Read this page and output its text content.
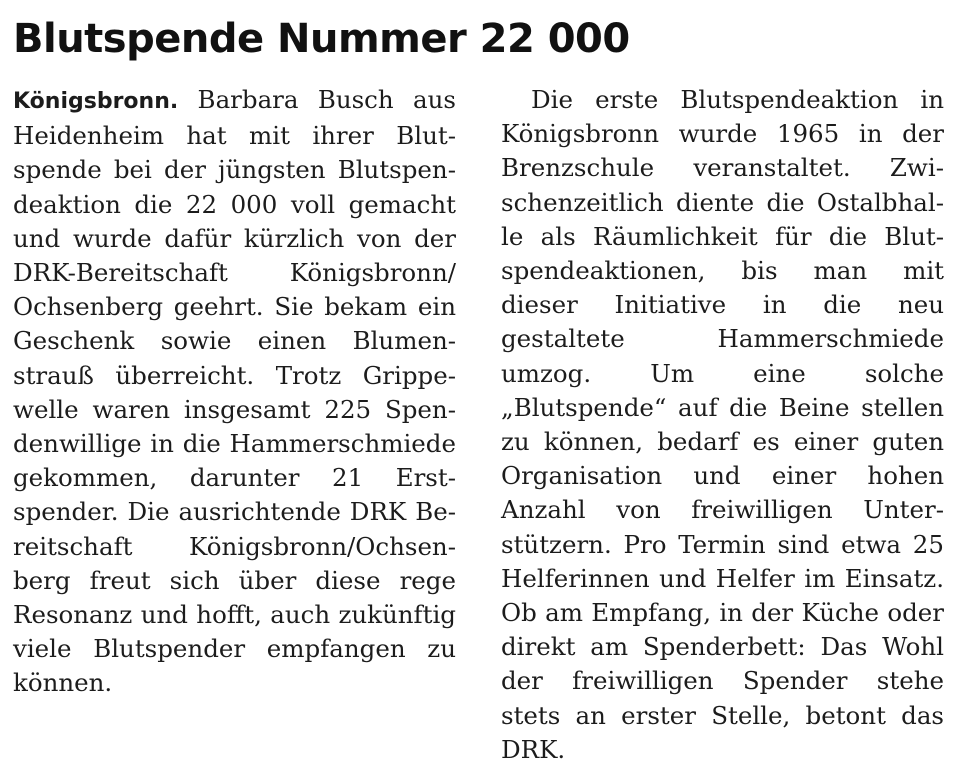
Blutspende Nummer 22 000

Königsbronn. Barbara Busch aus Heidenheim hat mit ihrer Blutspende bei der jüngsten Blutspendeaktion die 22 000 voll gemacht und wurde dafür kürzlich von der DRK-Bereitschaft Königsbronn/ Ochsenberg geehrt. Sie bekam ein Geschenk sowie einen Blumenstrauß überreicht. Trotz Grippewelle waren insgesamt 225 Spendenwillige in die Hammerschmiede gekommen, darunter 21 Erstspender. Die ausrichtende DRK Bereitschaft Königsbronn/Ochsenberg freut sich über diese rege Resonanz und hofft, auch zukünftig viele Blutspender empfangen zu können.

Die erste Blutspendeaktion in Königsbronn wurde 1965 in der Brenzschule veranstaltet. Zwischenzeitlich diente die Ostalbhalle als Räumlichkeit für die Blutspendeaktionen, bis man mit dieser Initiative in die neu gestaltete Hammerschmiede umzog. Um eine solche „Blutspende“ auf die Beine stellen zu können, bedarf es einer guten Organisation und einer hohen Anzahl von freiwilligen Unterstützern. Pro Termin sind etwa 25 Helferinnen und Helfer im Einsatz. Ob am Empfang, in der Küche oder direkt am Spenderbett: Das Wohl der freiwilligen Spender stehe stets an erster Stelle, betont das DRK.
